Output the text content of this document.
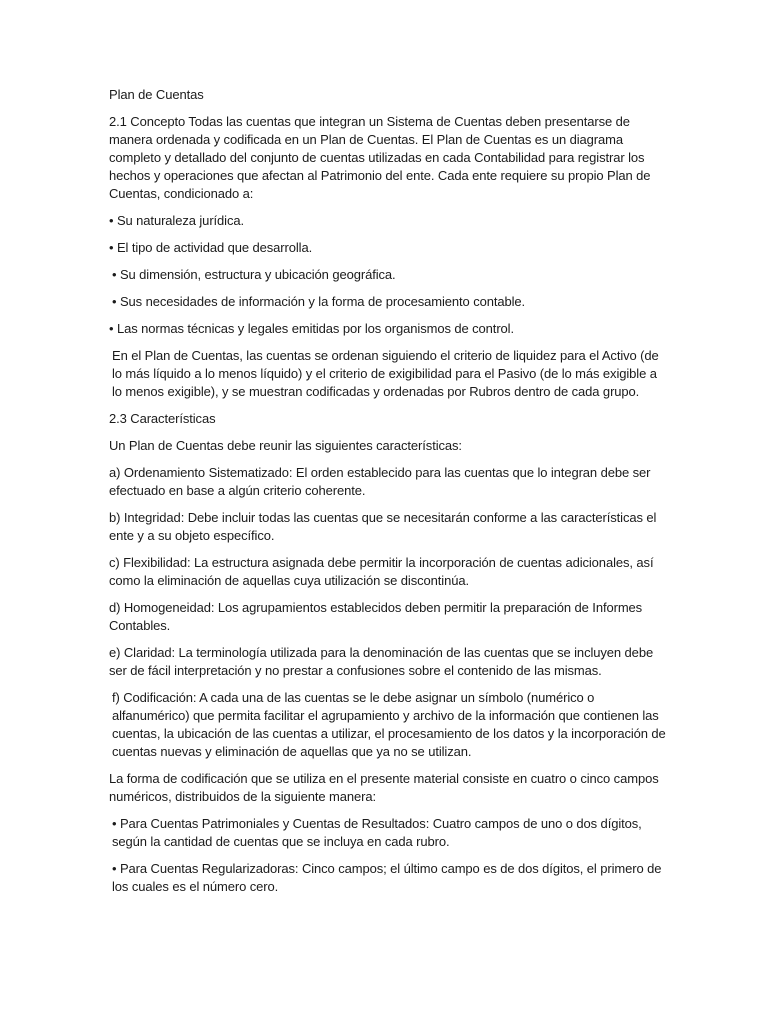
Plan de Cuentas

2.1 Concepto Todas las cuentas que integran un Sistema de Cuentas deben presentarse de manera ordenada y codificada en un Plan de Cuentas. El Plan de Cuentas es un diagrama completo y detallado del conjunto de cuentas utilizadas en cada Contabilidad para registrar los hechos y operaciones que afectan al Patrimonio del ente. Cada ente requiere su propio Plan de Cuentas, condicionado a:

• Su naturaleza jurídica.

• El tipo de actividad que desarrolla.

• Su dimensión, estructura y ubicación geográfica.

• Sus necesidades de información y la forma de procesamiento contable.

• Las normas técnicas y legales emitidas por los organismos de control.

En el Plan de Cuentas, las cuentas se ordenan siguiendo el criterio de liquidez para el Activo (de lo más líquido a lo menos líquido) y el criterio de exigibilidad para el Pasivo (de lo más exigible a lo menos exigible), y se muestran codificadas y ordenadas por Rubros dentro de cada grupo.

2.3 Características

Un Plan de Cuentas debe reunir las siguientes características:

a) Ordenamiento Sistematizado: El orden establecido para las cuentas que lo integran debe ser efectuado en base a algún criterio coherente.

b) Integridad: Debe incluir todas las cuentas que se necesitarán conforme a las características el ente y a su objeto específico.

c) Flexibilidad: La estructura asignada debe permitir la incorporación de cuentas adicionales, así como la eliminación de aquellas cuya utilización se discontinúa.

d) Homogeneidad: Los agrupamientos establecidos deben permitir la preparación de Informes Contables.

e) Claridad: La terminología utilizada para la denominación de las cuentas que se incluyen debe ser de fácil interpretación y no prestar a confusiones sobre el contenido de las mismas.

f) Codificación: A cada una de las cuentas se le debe asignar un símbolo (numérico o alfanumérico) que permita facilitar el agrupamiento y archivo de la información que contienen las cuentas, la ubicación de las cuentas a utilizar, el procesamiento de los datos y la incorporación de cuentas nuevas y eliminación de aquellas que ya no se utilizan.

La forma de codificación que se utiliza en el presente material consiste en cuatro o cinco campos numéricos, distribuidos de la siguiente manera:

• Para Cuentas Patrimoniales y Cuentas de Resultados: Cuatro campos de uno o dos dígitos, según la cantidad de cuentas que se incluya en cada rubro.

• Para Cuentas Regularizadoras: Cinco campos; el último campo es de dos dígitos, el primero de los cuales es el número cero.
